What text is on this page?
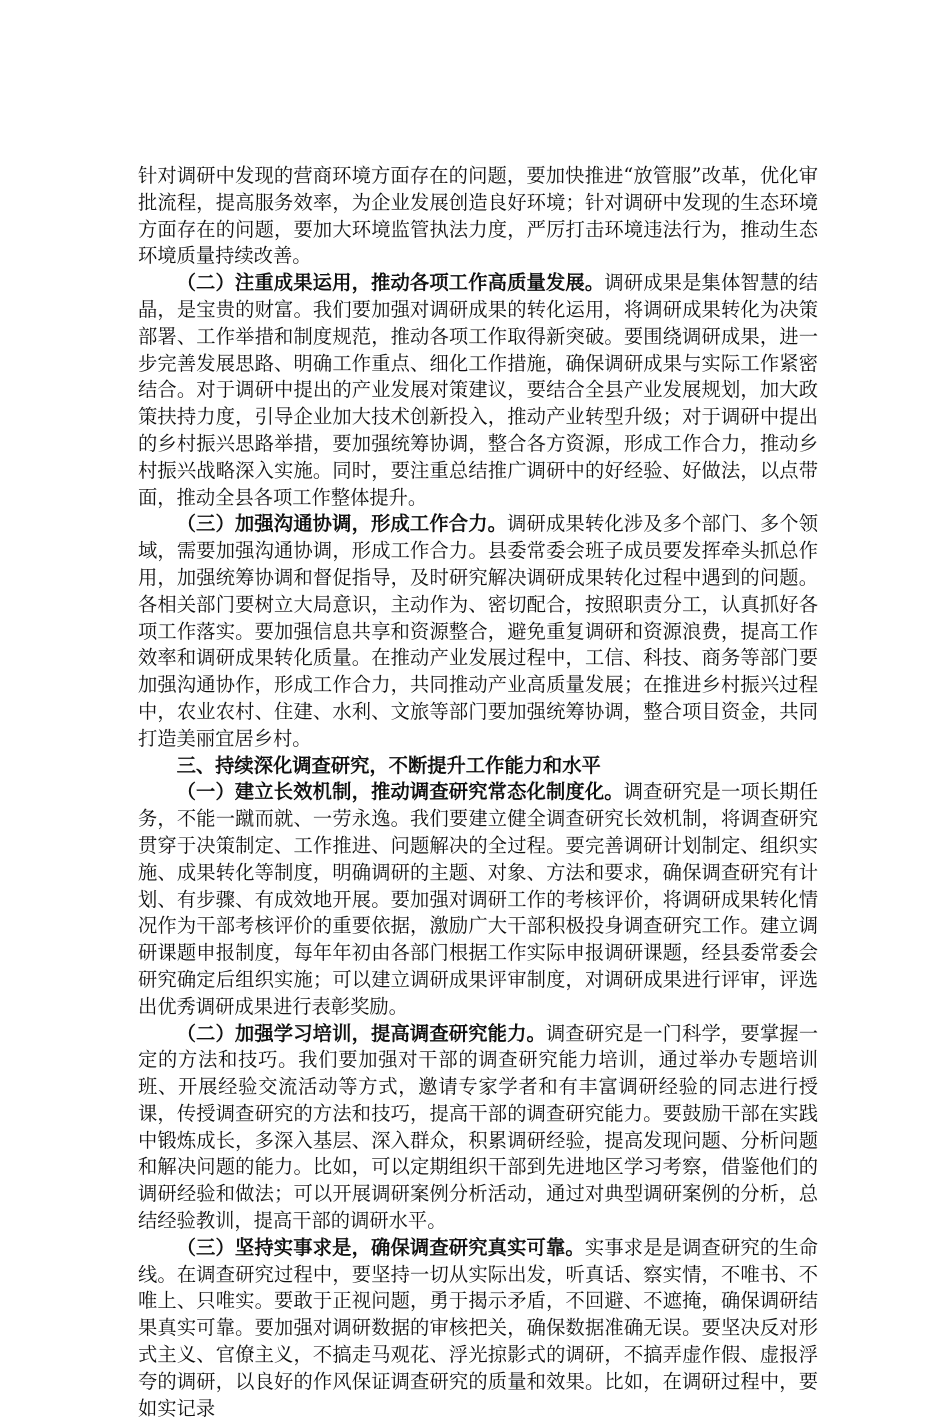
针对调研中发现的营商环境方面存在的问题，要加快推进“放管服”改革，优化审批流程，提高服务效率，为企业发展创造良好环境；针对调研中发现的生态环境方面存在的问题，要加大环境监管执法力度，严厉打击环境违法行为，推动生态环境质量持续改善。

（二）注重成果运用，推动各项工作高质量发展。调研成果是集体智慧的结晶，是宝贵的财富。我们要加强对调研成果的转化运用，将调研成果转化为决策部署、工作举措和制度规范，推动各项工作取得新突破。要围绕调研成果，进一步完善发展思路、明确工作重点、细化工作措施，确保调研成果与实际工作紧密结合。对于调研中提出的产业发展对策建议，要结合全县产业发展规划，加大政策扶持力度，引导企业加大技术创新投入，推动产业转型升级；对于调研中提出的乡村振兴思路举措，要加强统筹协调，整合各方资源，形成工作合力，推动乡村振兴战略深入实施。同时，要注重总结推广调研中的好经验、好做法，以点带面，推动全县各项工作整体提升。

（三）加强沟通协调，形成工作合力。调研成果转化涉及多个部门、多个领域，需要加强沟通协调，形成工作合力。县委常委会班子成员要发挥牵头抓总作用，加强统筹协调和督促指导，及时研究解决调研成果转化过程中遇到的问题。各相关部门要树立大局意识，主动作为、密切配合，按照职责分工，认真抓好各项工作落实。要加强信息共享和资源整合，避免重复调研和资源浪费，提高工作效率和调研成果转化质量。在推动产业发展过程中，工信、科技、商务等部门要加强沟通协作，形成工作合力，共同推动产业高质量发展；在推进乡村振兴过程中，农业农村、住建、水利、文旅等部门要加强统筹协调，整合项目资金，共同打造美丽宜居乡村。

三、持续深化调查研究，不断提升工作能力和水平

（一）建立长效机制，推动调查研究常态化制度化。调查研究是一项长期任务，不能一蹴而就、一劳永逸。我们要建立健全调查研究长效机制，将调查研究贯穿于决策制定、工作推进、问题解决的全过程。要完善调研计划制定、组织实施、成果转化等制度，明确调研的主题、对象、方法和要求，确保调查研究有计划、有步骤、有成效地开展。要加强对调研工作的考核评价，将调研成果转化情况作为干部考核评价的重要依据，激励广大干部积极投身调查研究工作。建立调研课题申报制度，每年年初由各部门根据工作实际申报调研课题，经县委常委会研究确定后组织实施；可以建立调研成果评审制度，对调研成果进行评审，评选出优秀调研成果进行表彰奖励。

（二）加强学习培训，提高调查研究能力。调查研究是一门科学，要掌握一定的方法和技巧。我们要加强对干部的调查研究能力培训，通过举办专题培训班、开展经验交流活动等方式，邀请专家学者和有丰富调研经验的同志进行授课，传授调查研究的方法和技巧，提高干部的调查研究能力。要鼓励干部在实践中锻炼成长，多深入基层、深入群众，积累调研经验，提高发现问题、分析问题和解决问题的能力。比如，可以定期组织干部到先进地区学习考察，借鉴他们的调研经验和做法；可以开展调研案例分析活动，通过对典型调研案例的分析，总结经验教训，提高干部的调研水平。

（三）坚持实事求是，确保调查研究真实可靠。实事求是是调查研究的生命线。在调查研究过程中，要坚持一切从实际出发，听真话、察实情，不唯书、不唯上、只唯实。要敢于正视问题，勇于揭示矛盾，不回避、不遮掩，确保调研结果真实可靠。要加强对调研数据的审核把关，确保数据准确无误。要坚决反对形式主义、官僚主义，不搞走马观花、浮光掠影式的调研，不搞弄虚作假、虚报浮夸的调研，以良好的作风保证调查研究的质量和效果。比如，在调研过程中，要如实记录
